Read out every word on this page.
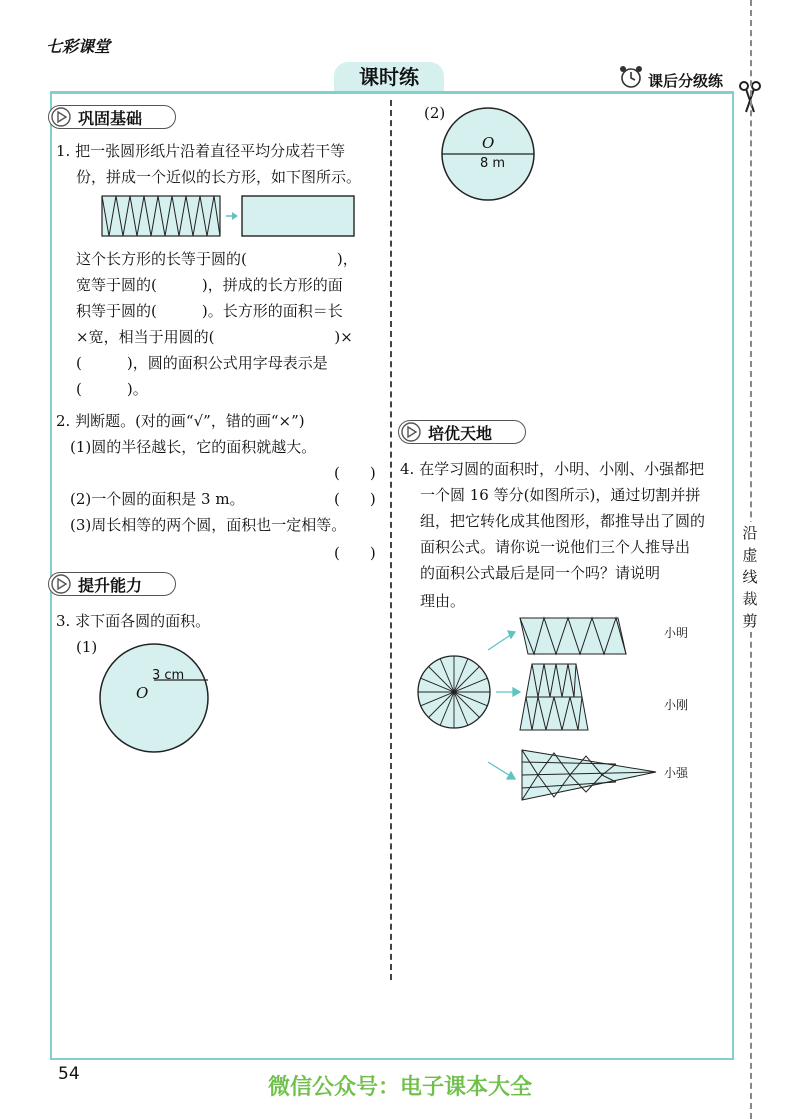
七彩课堂
课时练	课后分级练
沿虚线裁剪
巩固基础
1. 把一张圆形纸片沿着直径平均分成若干等
份，拼成一个近似的长方形，如下图所示。
这个长方形的长等于圆的(　　　　　　)，
宽等于圆的(　　　)，拼成的长方形的面
积等于圆的(　　　)。长方形的面积＝长
×宽，相当于用圆的(　　　　　　　　)×
(　　　)，圆的面积公式用字母表示是
(　　　)。
2. 判断题。(对的画“√”，错的画“×”)
(1)圆的半径越长，它的面积就越大。
(　　)
(2)一个圆的面积是 3 m。	(　　)
(3)周长相等的两个圆，面积也一定相等。
(　　)
提升能力
3. 求下面各圆的面积。
(1)
3 cm
O
(2)
O
8 m
培优天地
4. 在学习圆的面积时，小明、小刚、小强都把
一个圆 16 等分(如图所示)，通过切割并拼
组，把它转化成其他图形，都推导出了圆的
面积公式。请你说一说他们三个人推导出
的面积公式最后是同一个吗？请说明
理由。
小明
小刚
小强
54
微信公众号：电子课本大全
